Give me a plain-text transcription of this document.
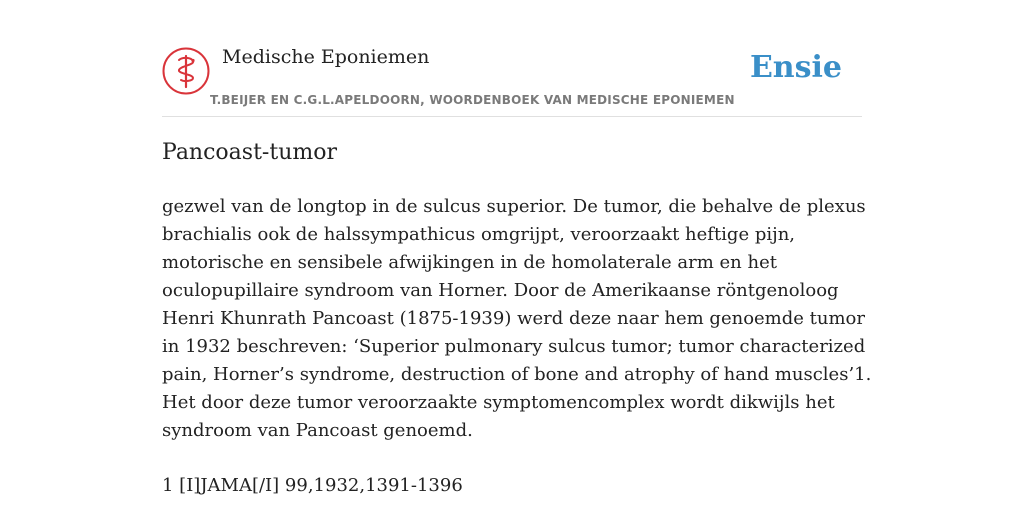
Medische Eponiemen
T.BEIJER EN C.G.L.APELDOORN, WOORDENBOEK VAN MEDISCHE EPONIEMEN
Ensie
Pancoast-tumor

gezwel van de longtop in de sulcus superior. De tumor, die behalve de plexus brachialis ook de halssympathicus omgrijpt, veroorzaakt heftige pijn, motorische en sensibele afwijkingen in de homolaterale arm en het oculopupillaire syndroom van Horner. Door de Amerikaanse röntgenoloog Henri Khunrath Pancoast (1875-1939) werd deze naar hem genoemde tumor in 1932 beschreven: ‘Superior pulmonary sulcus tumor; tumor characterized pain, Horner’s syndrome, destruction of bone and atrophy of hand muscles’1. Het door deze tumor veroorzaakte symptomencomplex wordt dikwijls het syndroom van Pancoast genoemd.

1 [I]JAMA[/I] 99,1932,1391-1396
